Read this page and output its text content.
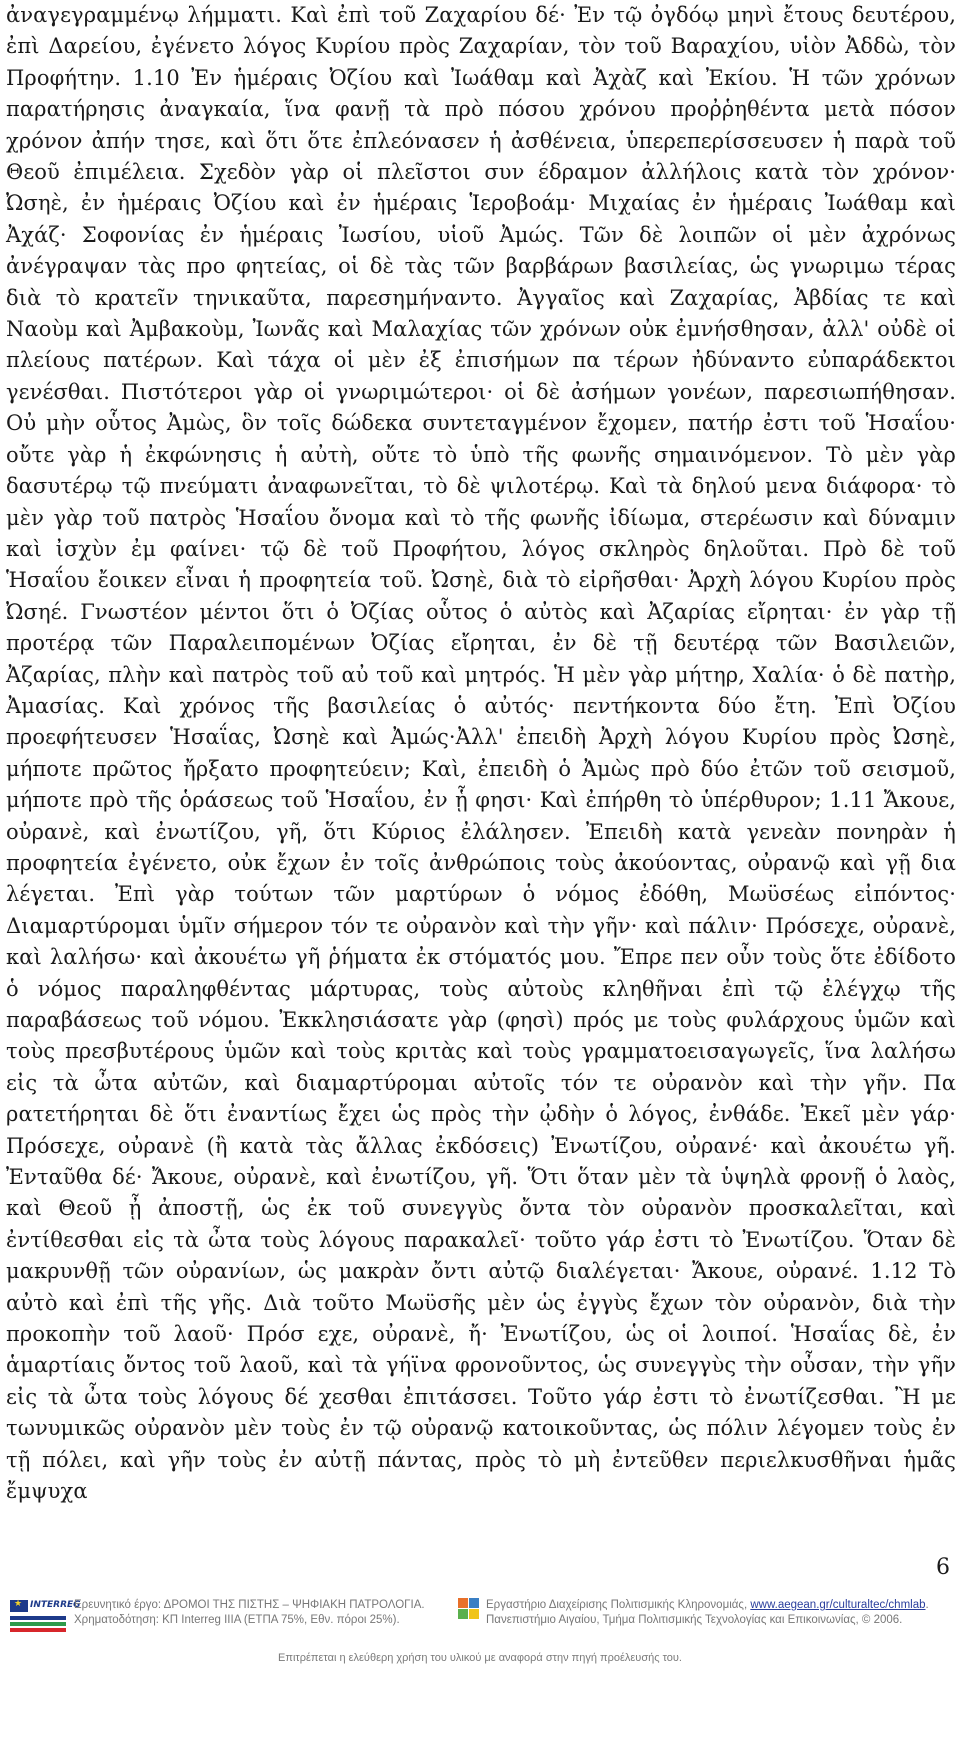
ἀναγεγραμμένῳ λήμματι. Καὶ ἐπὶ τοῦ Ζαχαρίου δέ· Ἐν τῷ ὀγδόῳ μηνὶ ἔτους δευτέρου, ἐπὶ Δαρείου, ἐγένετο λόγος Κυρίου πρὸς Ζαχαρίαν, τὸν τοῦ Βαραχίου, υἱὸν Ἀδδὼ, τὸν Προφήτην. 1.10 Ἐν ἡμέραις Ὀζίου καὶ Ἰωάθαμ καὶ Ἀχὰζ καὶ Ἐκίου. Ἡ τῶν χρόνων παρατήρησις ἀναγκαία, ἵνα φανῇ τὰ πρὸ πόσου χρόνου προῤῥηθέντα μετὰ πόσον χρόνον ἀπήν τησε, καὶ ὅτι ὅτε ἐπλεόνασεν ἡ ἀσθένεια, ὑπερεπερίσσευσεν ἡ παρὰ τοῦ Θεοῦ ἐπιμέλεια. Σχεδὸν γὰρ οἱ πλεῖστοι συν έδραμον ἀλλήλοις κατὰ τὸν χρόνον· Ὠσηὲ, ἐν ἡμέραις Ὀζίου καὶ ἐν ἡμέραις Ἱεροβοάμ· Μιχαίας ἐν ἡμέραις Ἰωάθαμ καὶ Ἀχάζ· Σοφονίας ἐν ἡμέραις Ἰωσίου, υἱοῦ Ἀμώς. Τῶν δὲ λοιπῶν οἱ μὲν ἀχρόνως ἀνέγραψαν τὰς προ φητείας, οἱ δὲ τὰς τῶν βαρβάρων βασιλείας, ὡς γνωριμω τέρας διὰ τὸ κρατεῖν τηνικαῦτα, παρεσημήναντο. Ἀγγαῖος καὶ Ζαχαρίας, Ἀβδίας τε καὶ Ναοὺμ καὶ Ἀμβακοὺμ, Ἰωνᾶς καὶ Μαλαχίας τῶν χρόνων οὐκ ἐμνήσθησαν, ἀλλ' οὐδὲ οἱ πλείους πατέρων. Καὶ τάχα οἱ μὲν ἐξ ἐπισήμων πα τέρων ἠδύναντο εὐπαράδεκτοι γενέσθαι. Πιστότεροι γὰρ οἱ γνωριμώτεροι· οἱ δὲ ἀσήμων γονέων, παρεσιωπήθησαν. Οὐ μὴν οὗτος Ἀμὼς, ὃν τοῖς δώδεκα συντεταγμένον ἔχομεν, πατήρ ἐστι τοῦ Ἡσαΐου· οὔτε γὰρ ἡ ἐκφώνησις ἡ αὐτὴ, οὔτε τὸ ὑπὸ τῆς φωνῆς σημαινόμενον. Τὸ μὲν γὰρ δασυτέρῳ τῷ πνεύματι ἀναφωνεῖται, τὸ δὲ ψιλοτέρῳ. Καὶ τὰ δηλού μενα διάφορα· τὸ μὲν γὰρ τοῦ πατρὸς Ἡσαΐου ὄνομα καὶ τὸ τῆς φωνῆς ἰδίωμα, στερέωσιν καὶ δύναμιν καὶ ἰσχὺν ἐμ φαίνει· τῷ δὲ τοῦ Προφήτου, λόγος σκληρὸς δηλοῦται. Πρὸ δὲ τοῦ Ἡσαΐου ἔοικεν εἶναι ἡ προφητεία τοῦ. Ὠσηὲ, διὰ τὸ εἰρῆσθαι· Ἀρχὴ λόγου Κυρίου πρὸς Ὠσηέ. Γνωστέον μέντοι ὅτι ὁ Ὀζίας οὗτος ὁ αὐτὸς καὶ Ἀζαρίας εἴρηται· ἐν γὰρ τῇ προτέρᾳ τῶν Παραλειπομένων Ὀζίας εἴρηται, ἐν δὲ τῇ δευτέρᾳ τῶν Βασιλειῶν, Ἀζαρίας, πλὴν καὶ πατρὸς τοῦ αὐ τοῦ καὶ μητρός. Ἡ μὲν γὰρ μήτηρ, Χαλία· ὁ δὲ πατὴρ, Ἀμασίας. Καὶ χρόνος τῆς βασιλείας ὁ αὐτός· πεντήκοντα δύο ἔτη. Ἐπὶ Ὀζίου προεφήτευσεν Ἡσαΐας, Ὠσηὲ καὶ Ἀμώς·Ἀλλ' ἐπειδὴ Ἀρχὴ λόγου Κυρίου πρὸς Ὠσηὲ, μήποτε πρῶτος ἤρξατο προφητεύειν; Καὶ, ἐπειδὴ ὁ Ἀμὼς πρὸ δύο ἐτῶν τοῦ σεισμοῦ, μήποτε πρὸ τῆς ὁράσεως τοῦ Ἡσαΐου, ἐν ᾗ φησι· Καὶ ἐπήρθη τὸ ὑπέρθυρον; 1.11 Ἄκουε, οὐρανὲ, καὶ ἐνωτίζου, γῆ, ὅτι Κύριος ἐλάλησεν. Ἐπειδὴ κατὰ γενεὰν πονηρὰν ἡ προφητεία ἐγένετο, οὐκ ἔχων ἐν τοῖς ἀνθρώποις τοὺς ἀκούοντας, οὐρανῷ καὶ γῇ δια λέγεται. Ἐπὶ γὰρ τούτων τῶν μαρτύρων ὁ νόμος ἐδόθη, Μωϋσέως εἰπόντος· Διαμαρτύρομαι ὑμῖν σήμερον τόν τε οὐρανὸν καὶ τὴν γῆν· καὶ πάλιν· Πρόσεχε, οὐρανὲ, καὶ λαλήσω· καὶ ἀκουέτω γῆ ῥήματα ἐκ στόματός μου. Ἔπρε πεν οὖν τοὺς ὅτε ἐδίδοτο ὁ νόμος παραληφθέντας μάρτυρας, τοὺς αὐτοὺς κληθῆναι ἐπὶ τῷ ἐλέγχῳ τῆς παραβάσεως τοῦ νόμου. Ἐκκλησιάσατε γὰρ (φησὶ) πρός με τοὺς φυλάρχους ὑμῶν καὶ τοὺς πρεσβυτέρους ὑμῶν καὶ τοὺς κριτὰς καὶ τοὺς γραμματοεισαγωγεῖς, ἵνα λαλήσω εἰς τὰ ὦτα αὐτῶν, καὶ διαμαρτύρομαι αὐτοῖς τόν τε οὐρανὸν καὶ τὴν γῆν. Πα ρατετήρηται δὲ ὅτι ἐναντίως ἔχει ὡς πρὸς τὴν ᾠδὴν ὁ λόγος, ἐνθάδε. Ἐκεῖ μὲν γάρ· Πρόσεχε, οὐρανὲ (ἢ κατὰ τὰς ἄλλας ἐκδόσεις) Ἐνωτίζου, οὐρανέ· καὶ ἀκουέτω γῆ. Ἐνταῦθα δέ· Ἄκουε, οὐρανὲ, καὶ ἐνωτίζου, γῆ. Ὅτι ὅταν μὲν τὰ ὑψηλὰ φρονῇ ὁ λαὸς, καὶ Θεοῦ ᾖ ἀποστῇ, ὡς ἐκ τοῦ συνεγγὺς ὄντα τὸν οὐρανὸν προσκαλεῖται, καὶ ἐντίθεσθαι εἰς τὰ ὦτα τοὺς λόγους παρακαλεῖ· τοῦτο γάρ ἐστι τὸ Ἐνωτίζου. Ὅταν δὲ μακρυνθῇ τῶν οὐρανίων, ὡς μακρὰν ὄντι αὐτῷ διαλέγεται· Ἄκουε, οὐρανέ. 1.12 Τὸ αὐτὸ καὶ ἐπὶ τῆς γῆς. Διὰ τοῦτο Μωϋσῆς μὲν ὡς ἐγγὺς ἔχων τὸν οὐρανὸν, διὰ τὴν προκοπὴν τοῦ λαοῦ· Πρόσ εχε, οὐρανὲ, ἤ· Ἐνωτίζου, ὡς οἱ λοιποί. Ἡσαΐας δὲ, ἐν ἁμαρτίαις ὄντος τοῦ λαοῦ, καὶ τὰ γήϊνα φρονοῦντος, ὡς συνεγγὺς τὴν οὖσαν, τὴν γῆν εἰς τὰ ὦτα τοὺς λόγους δέ χεσθαι ἐπιτάσσει. Τοῦτο γάρ ἐστι τὸ ἐνωτίζεσθαι. Ἢ με τωνυμικῶς οὐρανὸν μὲν τοὺς ἐν τῷ οὐρανῷ κατοικοῦντας, ὡς πόλιν λέγομεν τοὺς ἐν τῇ πόλει, καὶ γῆν τοὺς ἐν αὐτῇ πάντας, πρὸς τὸ μὴ ἐντεῦθεν περιελκυσθῆναι ἡμᾶς ἔμψυχα

6
★
INTERREG
Ερευνητικό έργο: ΔΡΟΜΟΙ ΤΗΣ ΠΙΣΤΗΣ – ΨΗΦΙΑΚΗ ΠΑΤΡΟΛΟΓΙΑ.
Χρηματοδότηση: ΚΠ Interreg IIIA (ΕΤΠΑ 75%, Εθν. πόροι 25%).
Εργαστήριο Διαχείρισης Πολιτισμικής Κληρονομιάς, www.aegean.gr/culturaltec/chmlab.
Πανεπιστήμιο Αιγαίου, Τμήμα Πολιτισμικής Τεχνολογίας και Επικοινωνίας, © 2006.
Επιτρέπεται η ελεύθερη χρήση του υλικού με αναφορά στην πηγή προέλευσής του.
